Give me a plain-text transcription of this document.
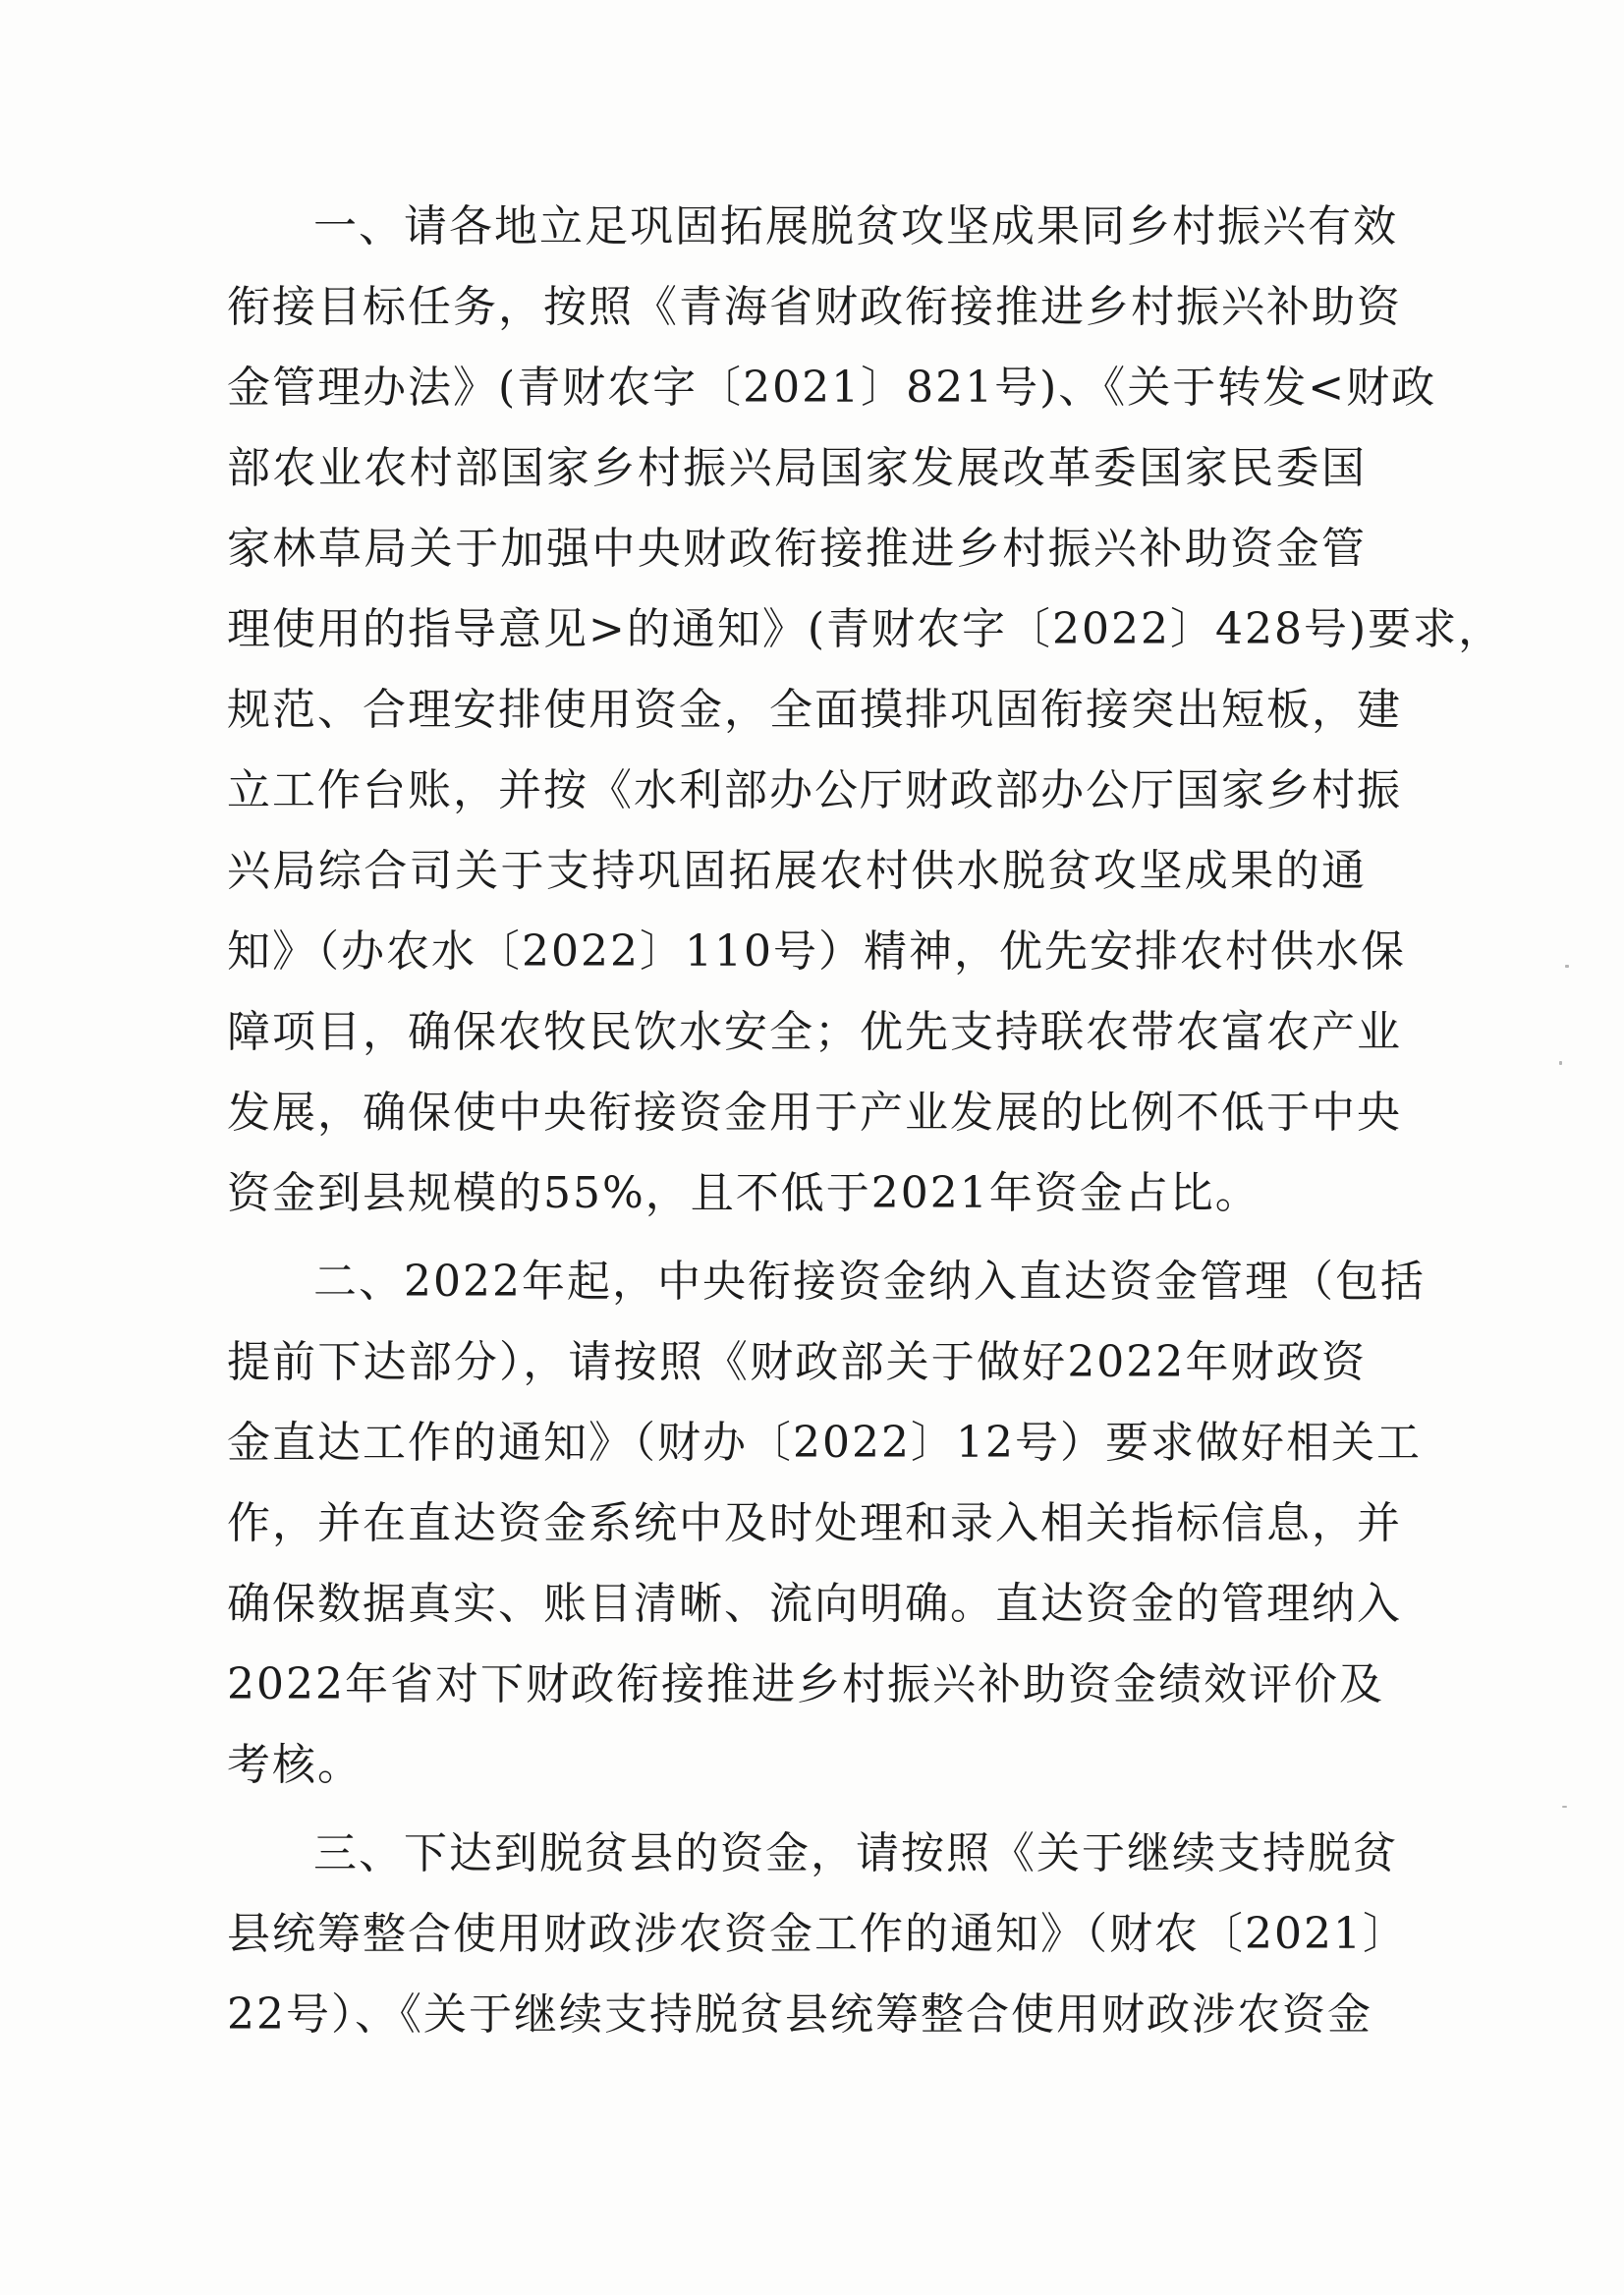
一、请各地立足巩固拓展脱贫攻坚成果同乡村振兴有效
衔接目标任务，按照《青海省财政衔接推进乡村振兴补助资
金管理办法》(青财农字〔2021〕821号)、《关于转发<财政
部农业农村部国家乡村振兴局国家发展改革委国家民委国
家林草局关于加强中央财政衔接推进乡村振兴补助资金管
理使用的指导意见>的通知》(青财农字〔2022〕428号)要求，
规范、合理安排使用资金，全面摸排巩固衔接突出短板，建
立工作台账，并按《水利部办公厅财政部办公厅国家乡村振
兴局综合司关于支持巩固拓展农村供水脱贫攻坚成果的通
知》（办农水〔2022〕110号）精神，优先安排农村供水保
障项目，确保农牧民饮水安全；优先支持联农带农富农产业
发展，确保使中央衔接资金用于产业发展的比例不低于中央
资金到县规模的55%，且不低于2021年资金占比。
二、2022年起，中央衔接资金纳入直达资金管理（包括
提前下达部分），请按照《财政部关于做好2022年财政资
金直达工作的通知》（财办〔2022〕12号）要求做好相关工
作，并在直达资金系统中及时处理和录入相关指标信息，并
确保数据真实、账目清晰、流向明确。直达资金的管理纳入
2022年省对下财政衔接推进乡村振兴补助资金绩效评价及
考核。
三、下达到脱贫县的资金，请按照《关于继续支持脱贫
县统筹整合使用财政涉农资金工作的通知》（财农〔2021〕
22号）、《关于继续支持脱贫县统筹整合使用财政涉农资金
